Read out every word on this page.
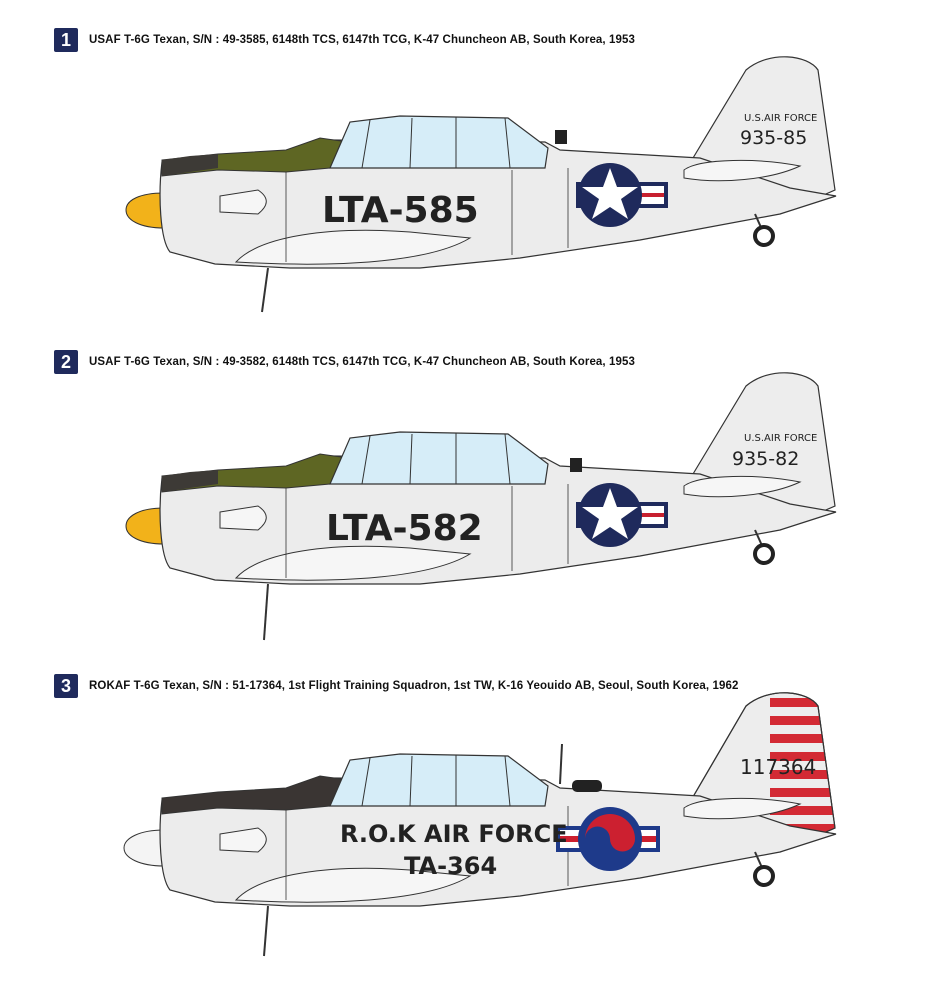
1	USAF T-6G Texan, S/N : 49-3585, 6148th TCS, 6147th TCG, K-47 Chuncheon AB, South Korea, 1953
LTA-585
U.S.AIR FORCE
935-85
2	USAF T-6G Texan, S/N : 49-3582, 6148th TCS, 6147th TCG, K-47 Chuncheon AB, South Korea, 1953
LTA-582
U.S.AIR FORCE
935-82
3	ROKAF T-6G Texan, S/N : 51-17364, 1st Flight Training Squadron, 1st TW, K-16 Yeouido AB, Seoul, South Korea, 1962
R.O.K AIR FORCE
TA-364
117364
